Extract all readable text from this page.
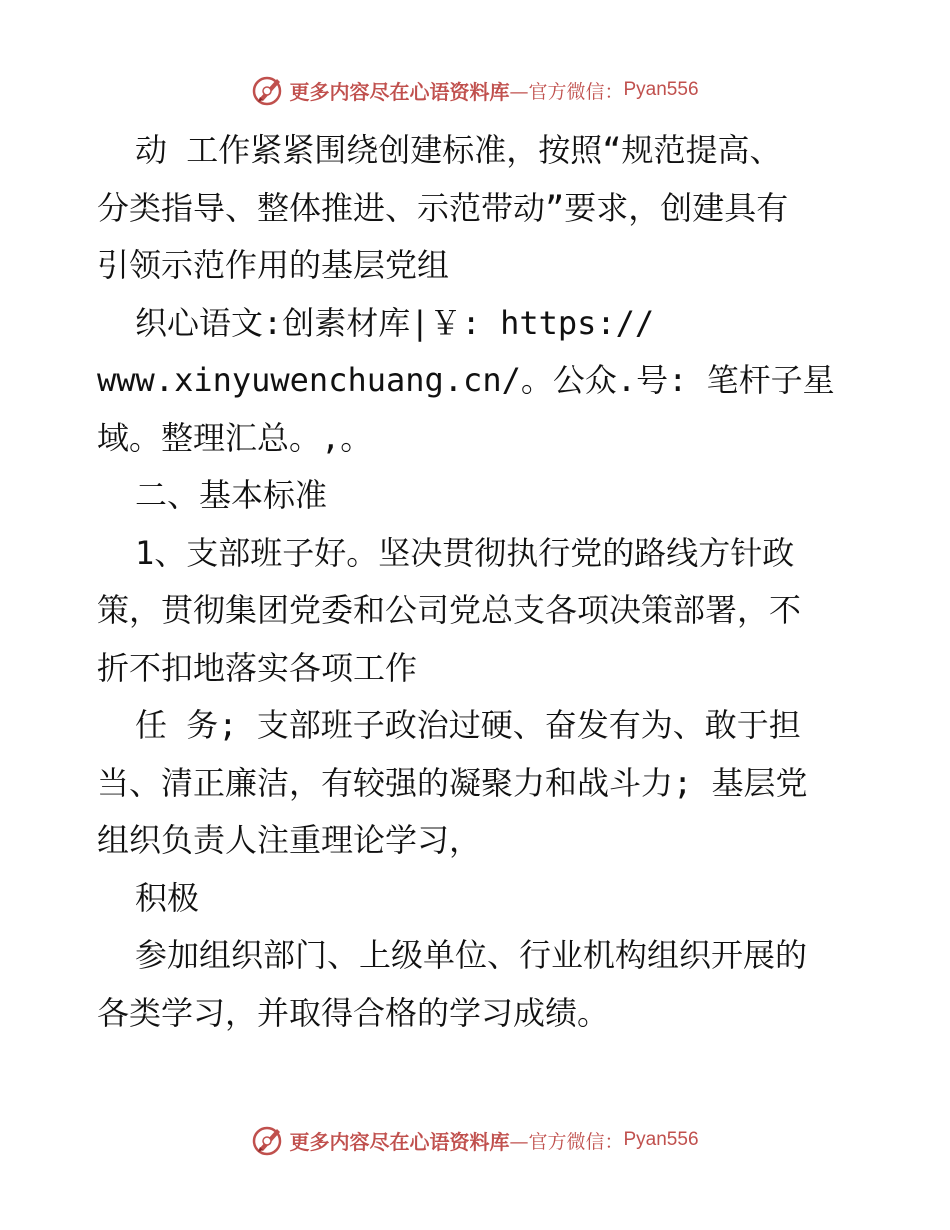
更多内容尽在心语资料库 —官方微信： Pyan556
动 工作紧紧围绕创建标准，按照“规范提高、
分类指导、整体推进、示范带动”要求，创建具有
引领示范作用的基层党组
织心语文:创素材库|￥: https://
www.xinyuwenchuang.cn/。公众.号: 笔杆子星
域。整理汇总。,。
二、基本标准
1、支部班子好。坚决贯彻执行党的路线方针政
策，贯彻集团党委和公司党总支各项决策部署，不
折不扣地落实各项工作
任 务; 支部班子政治过硬、奋发有为、敢于担
当、清正廉洁，有较强的凝聚力和战斗力; 基层党
组织负责人注重理论学习，
积极
参加组织部门、上级单位、行业机构组织开展的
各类学习，并取得合格的学习成绩。
更多内容尽在心语资料库 —官方微信： Pyan556
